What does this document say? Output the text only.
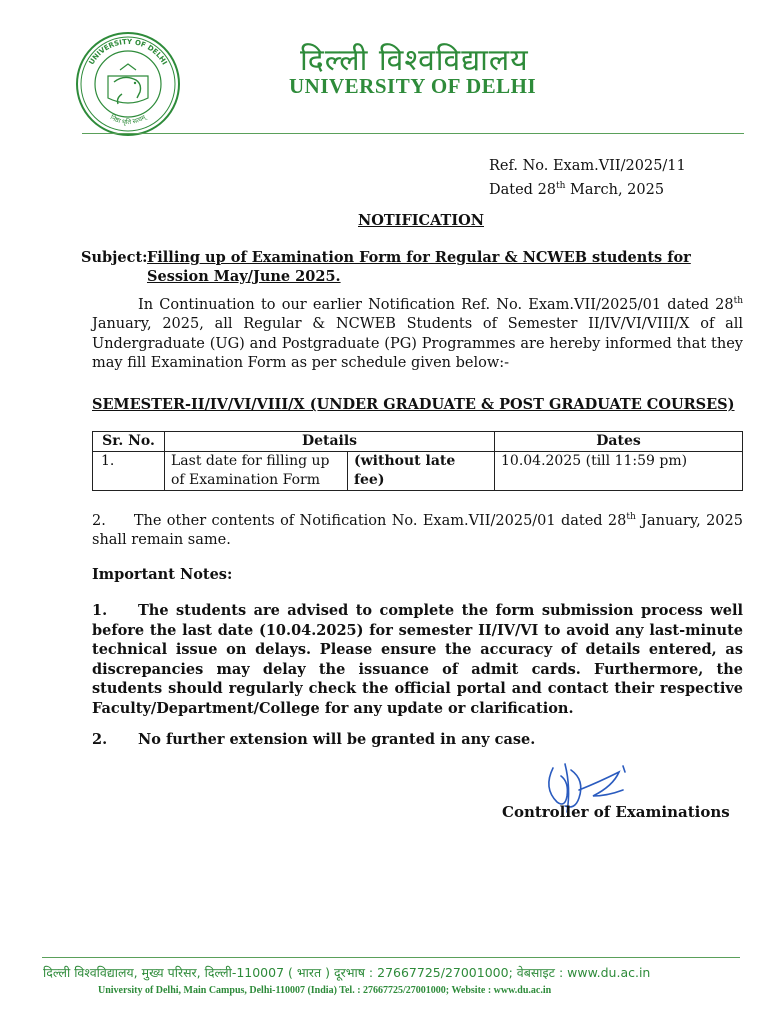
UNIVERSITY OF DELHI
निष्ठा धृति सत्यम्
दिल्ली विश्वविद्यालय
UNIVERSITY OF DELHI
Ref. No. Exam.VII/2025/11
Dated 28th March, 2025
NOTIFICATION
Subject: Filling up of Examination Form for Regular & NCWEB students for Session May/June 2025.
In Continuation to our earlier Notification Ref. No. Exam.VII/2025/01 dated 28th January, 2025, all Regular & NCWEB Students of Semester II/IV/VI/VIII/X of all Undergraduate (UG) and Postgraduate (PG) Programmes are hereby informed that they may fill Examination Form as per schedule given below:-
SEMESTER-II/IV/VI/VIII/X (UNDER GRADUATE & POST GRADUATE COURSES)
Sr. No.	Details		Dates
1.	Last date for filling up of Examination Form	(without late fee)	10.04.2025 (till 11:59 pm)
2. The other contents of Notification No. Exam.VII/2025/01 dated 28th January, 2025 shall remain same.
Important Notes:
1.	The students are advised to complete the form submission process well before the last date (10.04.2025) for semester II/IV/VI to avoid any last-minute technical issue on delays. Please ensure the accuracy of details entered, as discrepancies may delay the issuance of admit cards. Furthermore, the students should regularly check the official portal and contact their respective Faculty/Department/College for any update or clarification.
2.	No further extension will be granted in any case.
Controller of Examinations
दिल्ली विश्वविद्यालय, मुख्य परिसर, दिल्ली-110007 ( भारत ) दूरभाष : 27667725/27001000; वेबसाइट : www.du.ac.in
University of Delhi, Main Campus, Delhi-110007 (India) Tel. : 27667725/27001000; Website : www.du.ac.in
